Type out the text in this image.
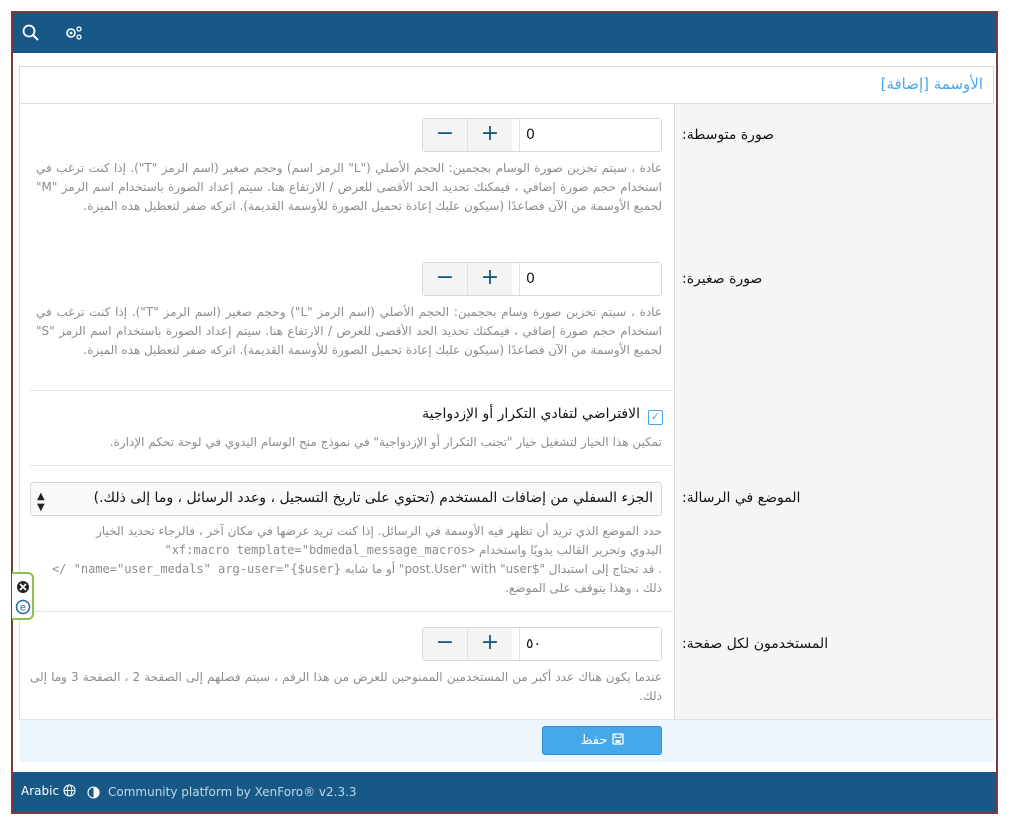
[إضافة] الأوسمة
صورة متوسطة:
−	+	0
عادة ، سيتم تخزين صورة الوسام بحجمين: الحجم الأصلي ("L" الرمز اسم) وحجم صغير (اسم الرمز "T"). إذا كنت ترغب في استخدام حجم صورة إضافي ، فيمكنك تحديد الحد الأقصى للعرض / الارتفاع هنا. سيتم إعداد الصورة باستخدام اسم الرمز "M" لجميع الأوسمة من الآن فصاعدًا (سيكون عليك إعادة تحميل الصورة للأوسمة القديمة). اتركه صفر لتعطيل هذه الميزة.
صورة صغيرة:
−	+	0
عادة ، سيتم تخزين صورة وسام بحجمين: الحجم الأصلي (اسم الرمز "L") وحجم صغير (اسم الرمز "T"). إذا كنت ترغب في استخدام حجم صورة إضافي ، فيمكنك تحديد الحد الأقصى للعرض / الارتفاع هنا. سيتم إعداد الصورة باستخدام اسم الرمز "S" لجميع الأوسمة من الآن فصاعدًا (سيكون عليك إعادة تحميل الصورة للأوسمة القديمة). اتركه صفر لتعطيل هذه الميزة.
✓
الافتراضي لتفادي التكرار أو الإزدواجية
تمكين هذا الخيار لتشغيل خيار "تجنب التكرار أو الإزدواجية" في نموذج منح الوسام اليدوي في لوحة تحكم الإدارة.
الموضع في الرسالة:
▲
▼
الجزء السفلي من إضافات المستخدم (تحتوي على تاريخ التسجيل ، وعدد الرسائل ، وما إلى ذلك.)
حدد الموضع الذي تريد أن تظهر فيه الأوسمة في الرسائل. إذا كنت تريد عرضها في مكان آخر ، فالرجاء تحديد الخيار
اليدوي وتحرير القالب يدويًا واستخدام <xf:macro template="bdmedal_message_macros"
. قد تحتاج إلى استبدال "$post.User" with "user" أو ما شابه name="user_medals" arg-user="{$user}" />
ذلك ، وهذا يتوقف على الموضع.
المستخدمون لكل صفحة:
−	+	٥٠
عندما يكون هناك عدد أكبر من المستخدمين الممنوحين للعرض من هذا الرقم ، سيتم فصلهم إلى الصفحة 2 ، الصفحة 3 وما إلى ذلك.
حفظ
e
Arabic	Community platform by XenForo® v2.3.3
